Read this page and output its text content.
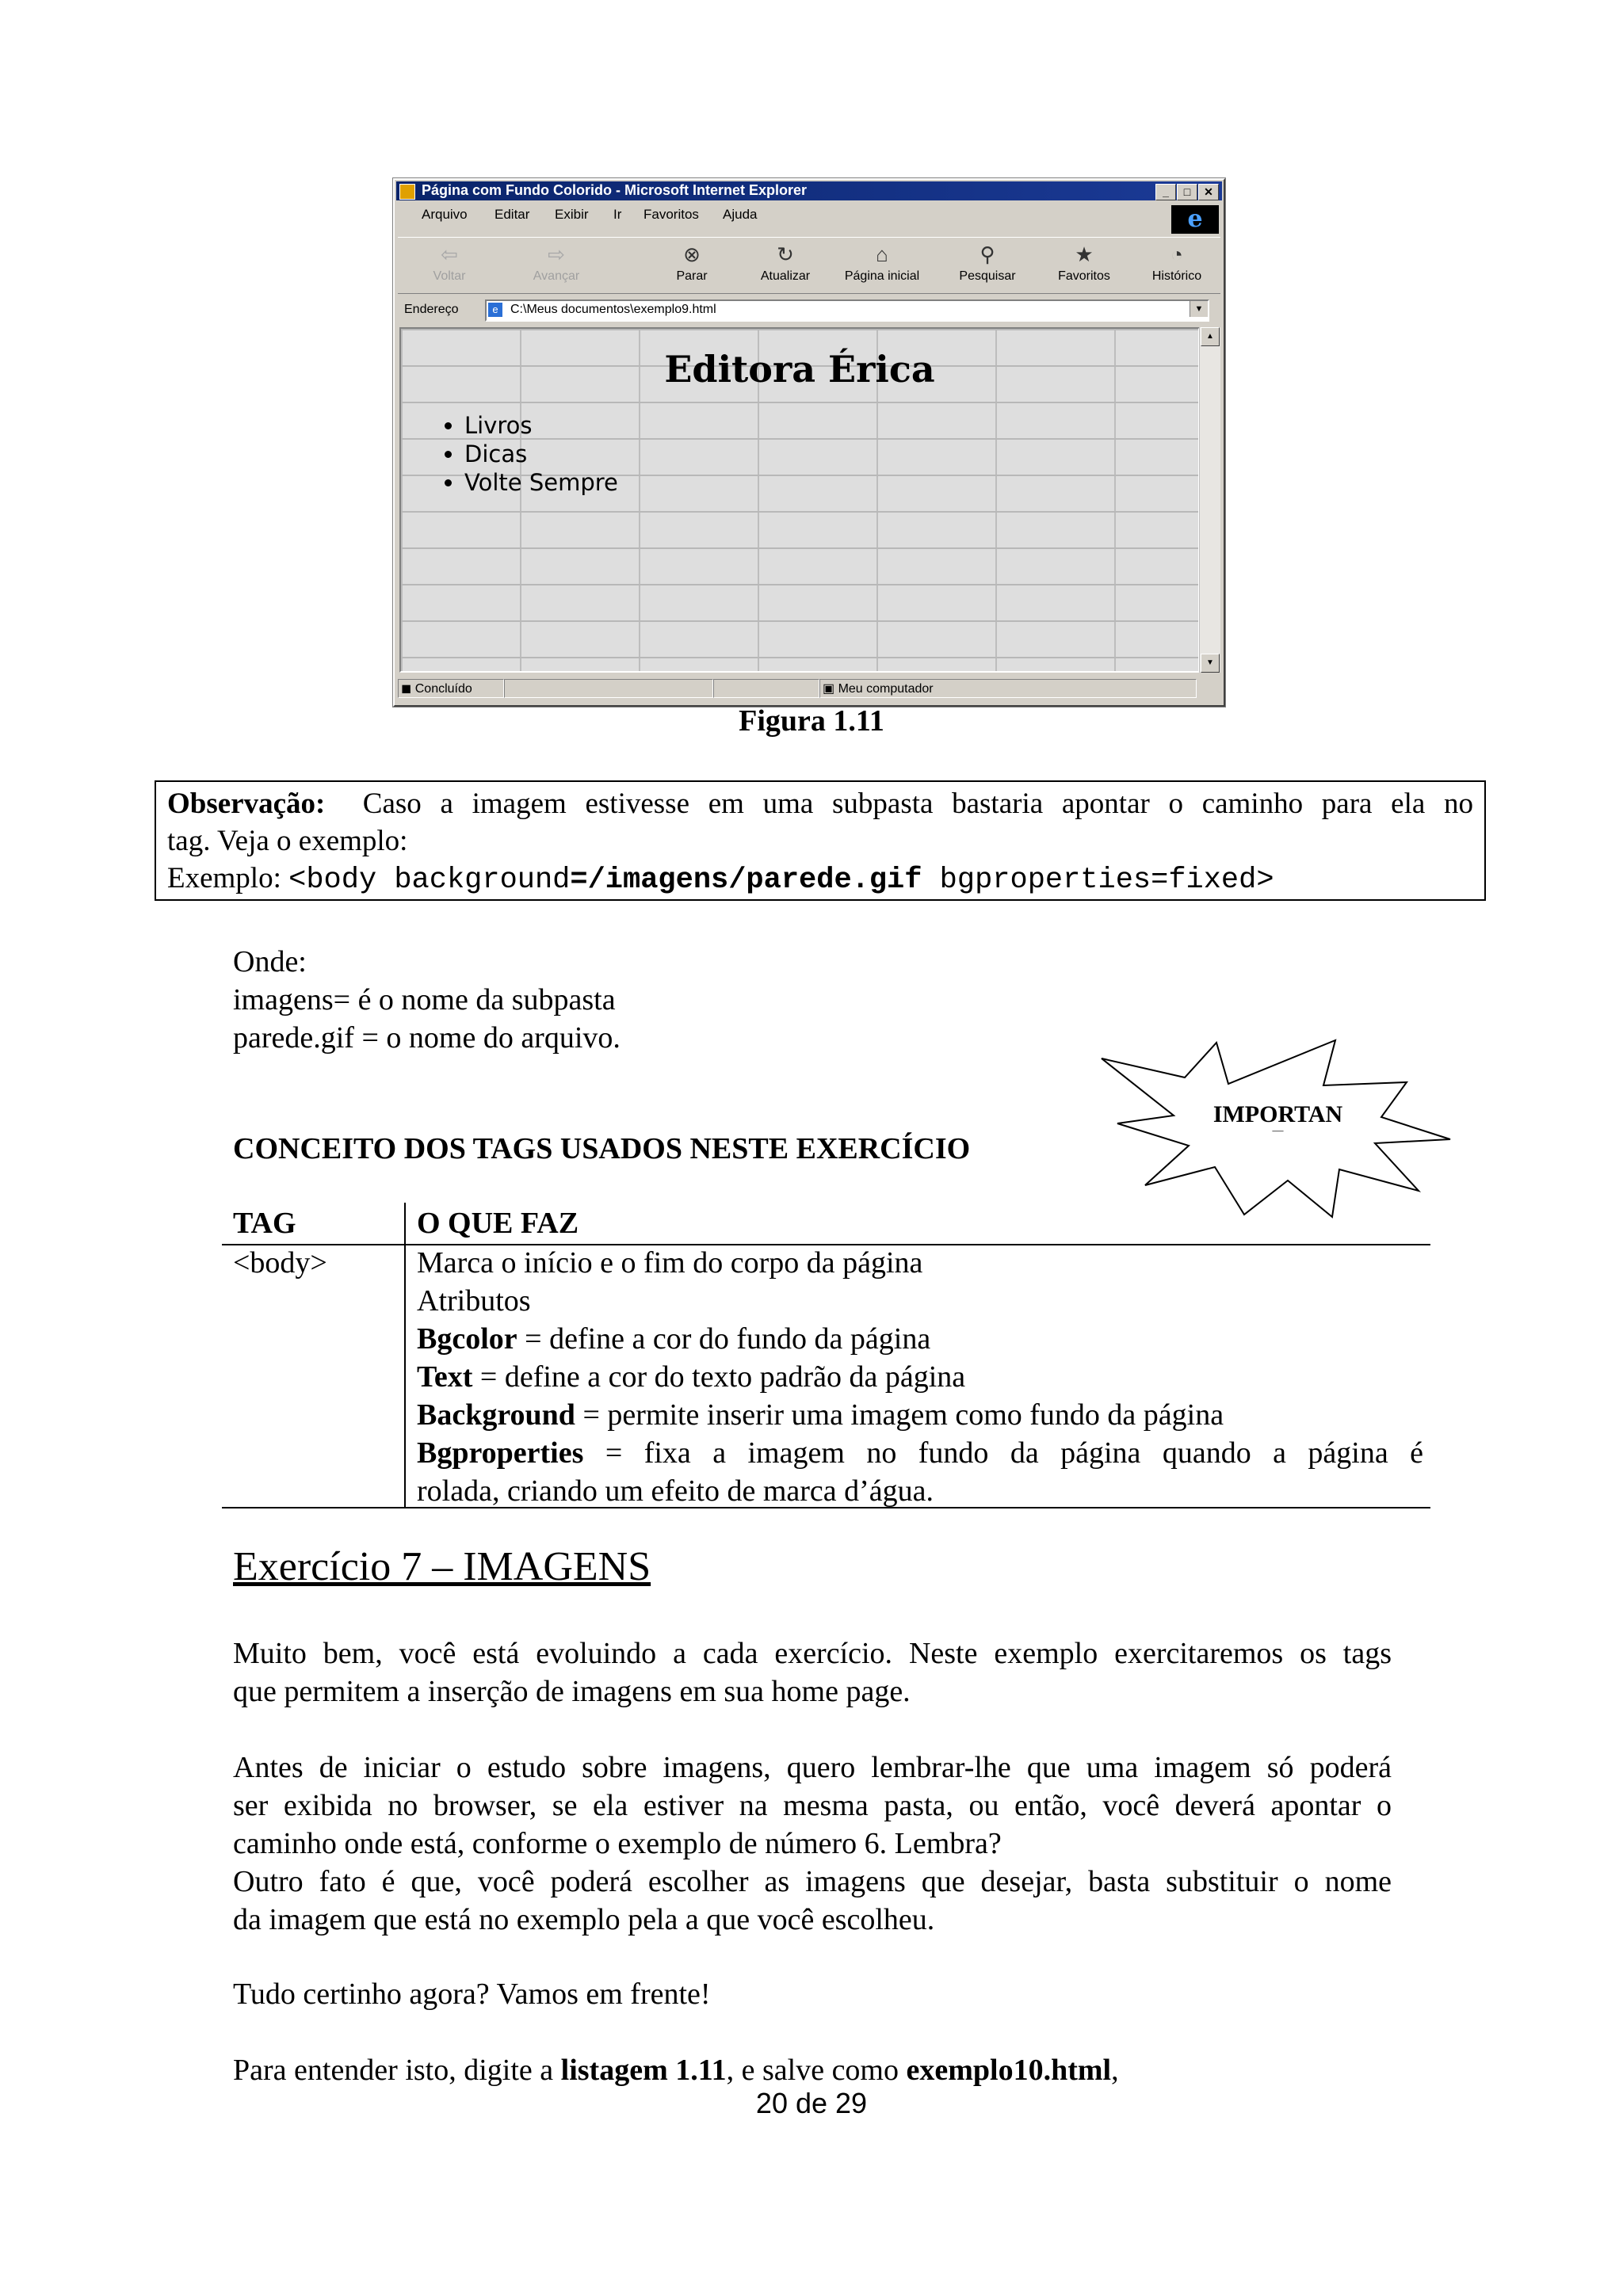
Página com Fundo Colorido - Microsoft Internet Explorer	_	□	✕
Arquivo Editar Exibir Ir Favoritos Ajuda	e
⇦
Voltar
⇨
Avançar
⊗
Parar
↻
Atualizar
⌂
Página inicial
⚲
Pesquisar
★
Favoritos
◔
Histórico
Endereço	e C:\Meus documentos\exemplo9.html	▼
Editora Érica
• Livros
• Dicas
• Volte Sempre
▲
▼
◼ Concluído	▣ Meu computador
Figura 1.11
Observação: Caso a imagem estivesse em uma subpasta bastaria apontar o caminho para ela no
tag. Veja o exemplo:
Exemplo: <body background=/imagens/parede.gif bgproperties=fixed>
Onde:
imagens= é o nome da subpasta
parede.gif = o nome do arquivo.
CONCEITO DOS TAGS USADOS NESTE EXERCÍCIO
IMPORTAN
—
TAG	O QUE FAZ
<body>	Marca o início e o fim do corpo da página
Atributos
Bgcolor = define a cor do fundo da página
Text = define a cor do texto padrão da página
Background = permite inserir uma imagem como fundo da página
Bgproperties = fixa a imagem no fundo da página quando a página é
rolada, criando um efeito de marca d’água.
Exercício 7 – IMAGENS
Muito bem, você está evoluindo a cada exercício. Neste exemplo exercitaremos os tags
que permitem a inserção de imagens em sua home page.
Antes de iniciar o estudo sobre imagens, quero lembrar-lhe que uma imagem só poderá
ser exibida no browser, se ela estiver na mesma pasta, ou então, você deverá apontar o
caminho onde está, conforme o exemplo de número 6. Lembra?
Outro fato é que, você poderá escolher as imagens que desejar, basta substituir o nome
da imagem que está no exemplo pela a que você escolheu.
Tudo certinho agora? Vamos em frente!
Para entender isto, digite a listagem 1.11, e salve como exemplo10.html,
20 de 29
